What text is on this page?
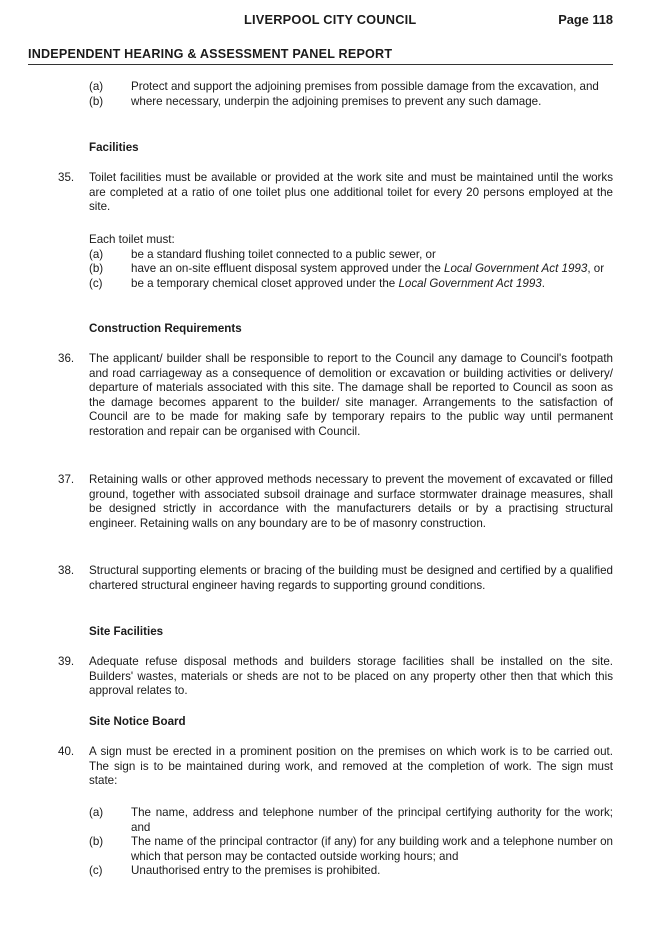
LIVERPOOL CITY COUNCIL	Page 118
INDEPENDENT HEARING & ASSESSMENT PANEL REPORT
(a) Protect and support the adjoining premises from possible damage from the excavation, and
(b) where necessary, underpin the adjoining premises to prevent any such damage.
Facilities
35. Toilet facilities must be available or provided at the work site and must be maintained until the works are completed at a ratio of one toilet plus one additional toilet for every 20 persons employed at the site.
Each toilet must:
(a) be a standard flushing toilet connected to a public sewer, or
(b) have an on-site effluent disposal system approved under the Local Government Act 1993, or
(c) be a temporary chemical closet approved under the Local Government Act 1993.
Construction Requirements
36. The applicant/ builder shall be responsible to report to the Council any damage to Council's footpath and road carriageway as a consequence of demolition or excavation or building activities or delivery/ departure of materials associated with this site. The damage shall be reported to Council as soon as the damage becomes apparent to the builder/ site manager. Arrangements to the satisfaction of Council are to be made for making safe by temporary repairs to the public way until permanent restoration and repair can be organised with Council.
37. Retaining walls or other approved methods necessary to prevent the movement of excavated or filled ground, together with associated subsoil drainage and surface stormwater drainage measures, shall be designed strictly in accordance with the manufacturers details or by a practising structural engineer. Retaining walls on any boundary are to be of masonry construction.
38. Structural supporting elements or bracing of the building must be designed and certified by a qualified chartered structural engineer having regards to supporting ground conditions.
Site Facilities
39. Adequate refuse disposal methods and builders storage facilities shall be installed on the site. Builders' wastes, materials or sheds are not to be placed on any property other then that which this approval relates to.
Site Notice Board
40. A sign must be erected in a prominent position on the premises on which work is to be carried out. The sign is to be maintained during work, and removed at the completion of work. The sign must state:
(a) The name, address and telephone number of the principal certifying authority for the work; and
(b) The name of the principal contractor (if any) for any building work and a telephone number on which that person may be contacted outside working hours; and
(c) Unauthorised entry to the premises is prohibited.
